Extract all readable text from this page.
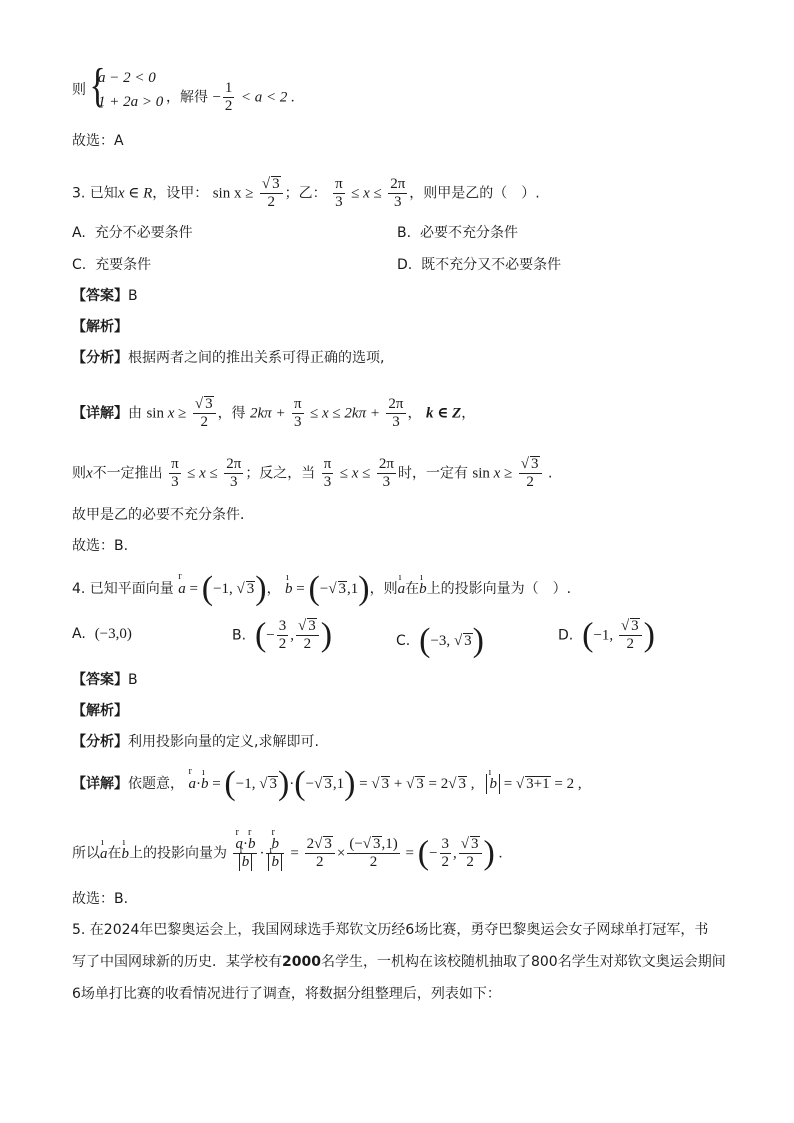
则 {
a − 2 < 0
1 + 2a > 0 ，解得 − $\frac{1}{2} < a < 2$ .
故选：A
3. 已知x ∈ R，设甲： $\sin x \ge \frac{√ 3}{2}$ ；乙： $\frac{\pi}{3} \le x \le \frac{2\pi}{3}$ ，则甲是乙的（　）.
A. 充分不必要条件	B. 必要不充分条件
C. 充要条件	D. 既不充分又不必要条件
【答案】B
【解析】
【分析】根据两者之间的推出关系可得正确的选项,
【详解】由 $\sin x \ge \frac{√ 3}{2}$ ，得 $2k\pi + \frac{\pi}{3} \le x \le 2k\pi + \frac{2\pi}{3}$ ， k ∈ Z，
则x不一定推出 $\frac{\pi}{3} \le x \le \frac{2\pi}{3}$ ；反之，当 $\frac{\pi}{3} \le x \le \frac{2\pi}{3}$ 时，一定有 $\sin x \ge \frac{√ 3}{2}$ .
故甲是乙的必要不充分条件．
故选：B.
4. 已知平面向量 r a = (−1, √ 3)， ı b = (−√ 3,1)，则ı a在ı b上的投影向量为（　）.
A. (−3,0)	B. (− $\frac{3}{2}$ , $\frac{√ 3}{2}$ )	C. (−3, √ 3)	D. (−1, $\frac{√ 3}{2}$ )
【答案】B
【解析】
【分析】利用投影向量的定义,求解即可.
【详解】依题意， r a·ı b = (−1, √ 3)·(−√ 3,1) = √ 3 + √ 3 = 2√ 3 ,   ı b = √ 3+1 = 2 ,
所以ı a在ı b上的投影向量为 r a·r b
r b · r b
r $b = \frac{2√ 3}{2} \times \frac{(-√ 3,1)}{2}$ = (− $\frac{3}{2}$ , $\frac{√ 3}{2}$ ) .
故选：B.
5. 在2024年巴黎奥运会上，我国网球选手郑钦文历经6场比赛，勇夺巴黎奥运会女子网球单打冠军，书
写了中国网球新的历史．某学校有2000名学生，一机构在该校随机抽取了800名学生对郑钦文奥运会期间
6场单打比赛的收看情况进行了调查，将数据分组整理后，列表如下：
